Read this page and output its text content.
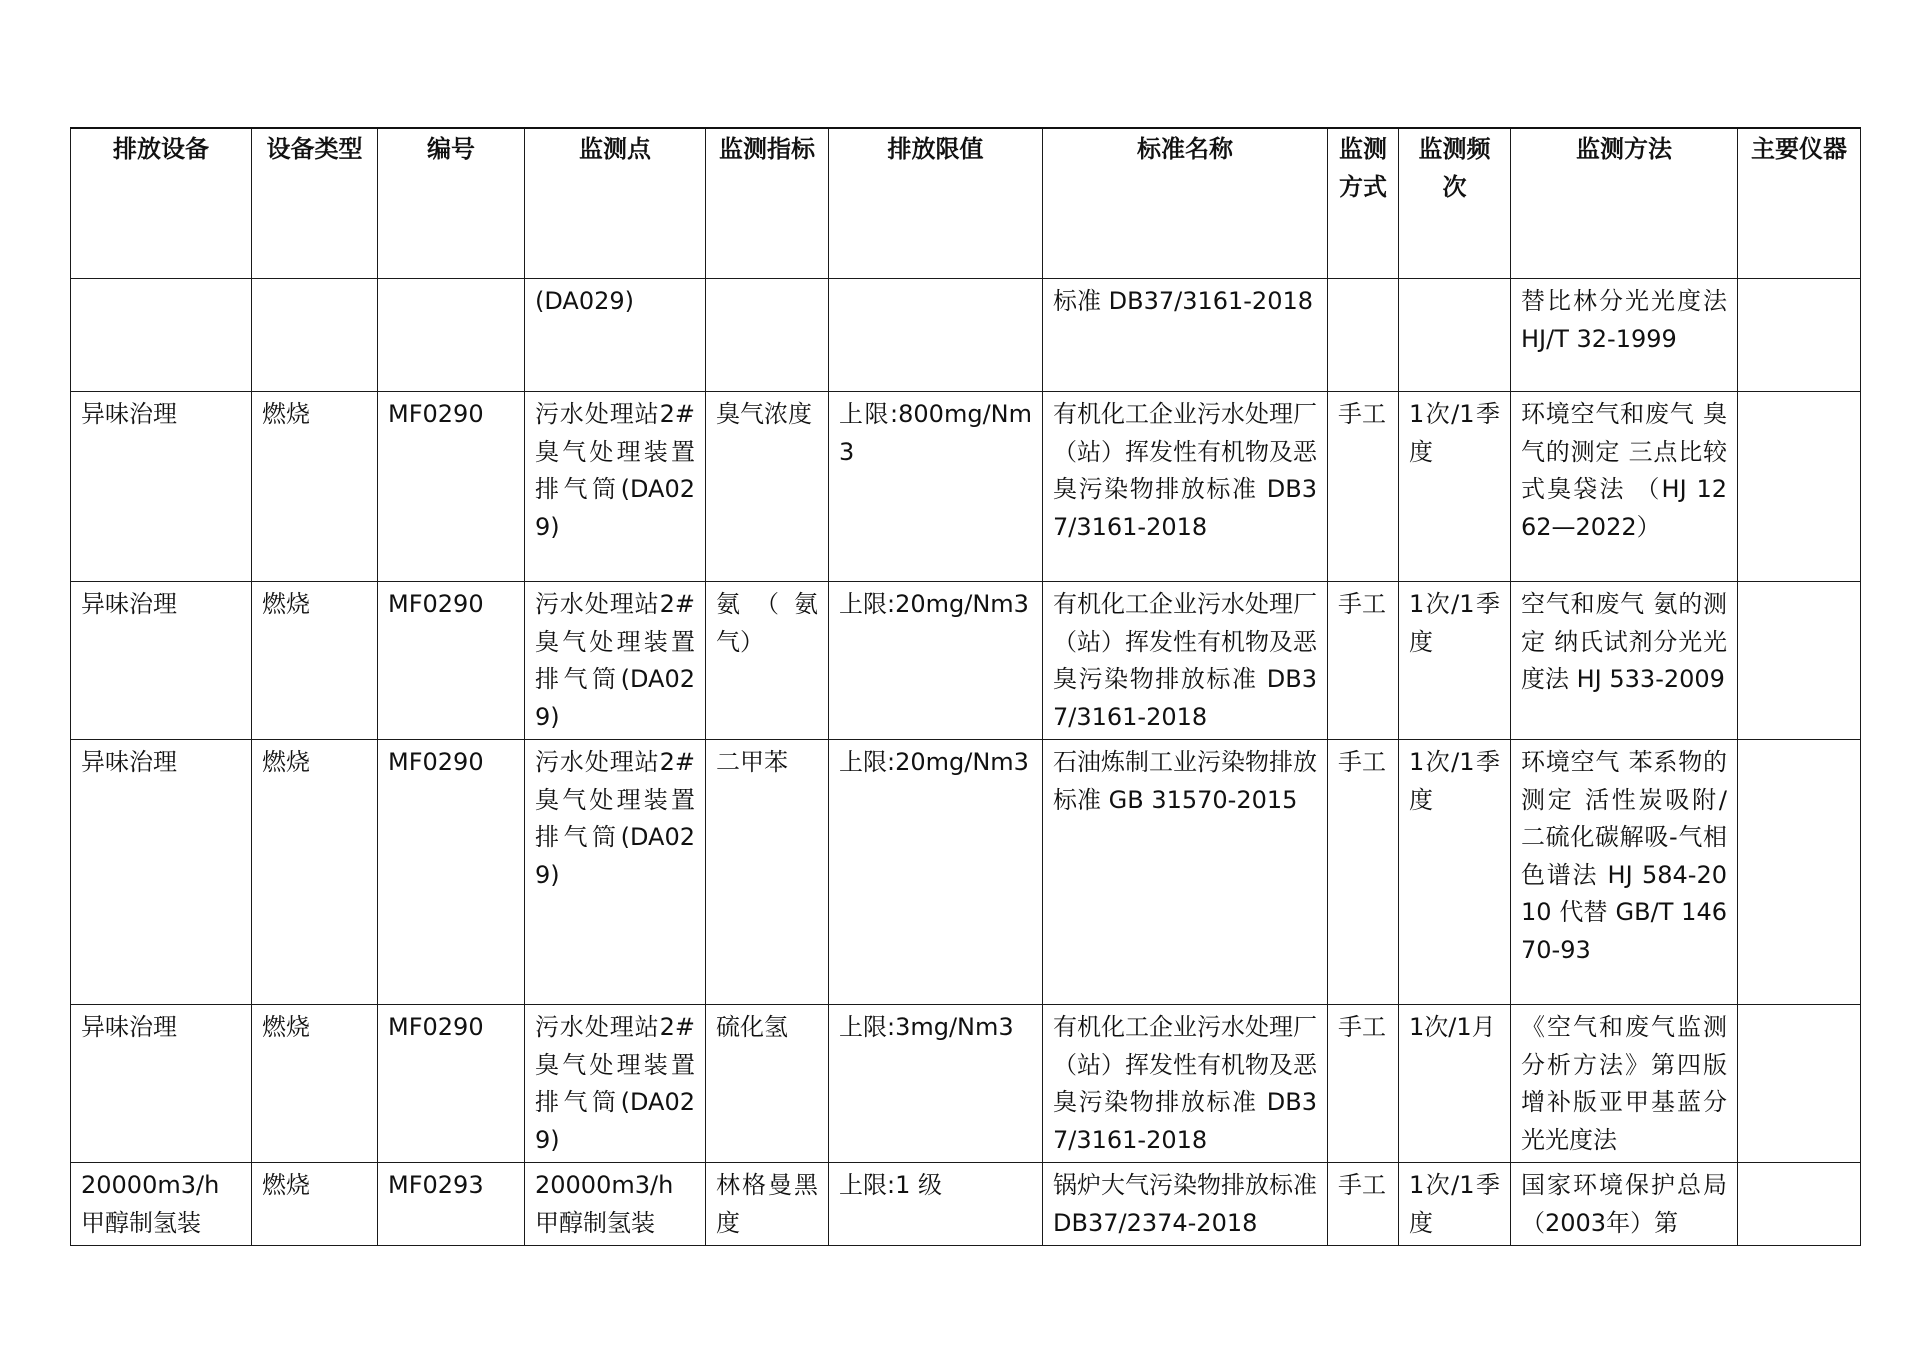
排放设备	设备类型	编号	监测点	监测指标	排放限值	标准名称	监测方式	监测频次	监测方法	主要仪器
			(DA029)			标准 DB37/3161-2018			替比林分光光度法 HJ/T 32-1999	
异味治理	燃烧	MF0290	污水处理站2#臭气处理装置排气筒(DA029)	臭气浓度	上限:800mg/Nm3	有机化工企业污水处理厂（站）挥发性有机物及恶臭污染物排放标准 DB37/3161-2018	手工	1次/1季度	环境空气和废气 臭气的测定 三点比较式臭袋法 （HJ 1262—2022）	
异味治理	燃烧	MF0290	污水处理站2#臭气处理装置排气筒(DA029)	氨（氨气）	上限:20mg/Nm3	有机化工企业污水处理厂（站）挥发性有机物及恶臭污染物排放标准 DB37/3161-2018	手工	1次/1季度	空气和废气 氨的测定 纳氏试剂分光光度法 HJ 533-2009	
异味治理	燃烧	MF0290	污水处理站2#臭气处理装置排气筒(DA029)	二甲苯	上限:20mg/Nm3	石油炼制工业污染物排放标准 GB 31570-2015	手工	1次/1季度	环境空气 苯系物的测定 活性炭吸附/二硫化碳解吸-气相色谱法 HJ 584-2010 代替 GB/T 14670-93	
异味治理	燃烧	MF0290	污水处理站2#臭气处理装置排气筒(DA029)	硫化氢	上限:3mg/Nm3	有机化工企业污水处理厂（站）挥发性有机物及恶臭污染物排放标准 DB37/3161-2018	手工	1次/1月	《空气和废气监测分析方法》第四版增补版亚甲基蓝分光光度法	
20000m3/h 甲醇制氢装	燃烧	MF0293	20000m3/h 甲醇制氢装	林格曼黑度	上限:1 级	锅炉大气污染物排放标准 DB37/2374-2018	手工	1次/1季度	国家环境保护总局（2003年）第	
